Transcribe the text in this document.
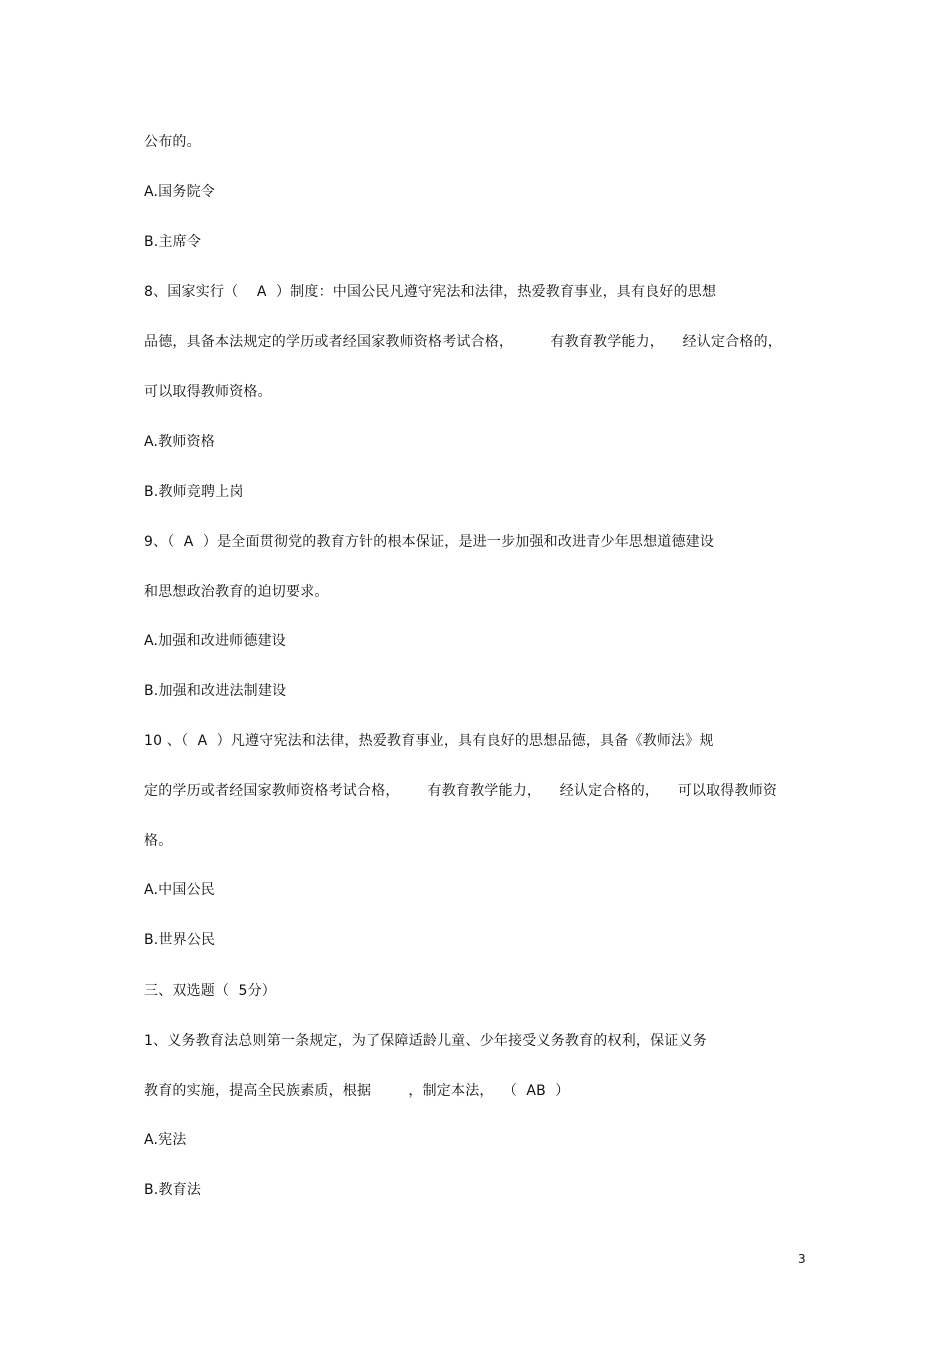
公布的。
A.国务院令
B.主席令
8、国家实行（    A  ）制度：中国公民凡遵守宪法和法律，热爱教育事业，具有良好的思想
品德，具备本法规定的学历或者经国家教师资格考试合格，        有教育教学能力，    经认定合格的，
可以取得教师资格。
A.教师资格
B.教师竞聘上岗
9、（  A  ）是全面贯彻党的教育方针的根本保证，是进一步加强和改进青少年思想道德建设
和思想政治教育的迫切要求。
A.加强和改进师德建设
B.加强和改进法制建设
10 、（  A  ）凡遵守宪法和法律，热爱教育事业，具有良好的思想品德，具备《教师法》规
定的学历或者经国家教师资格考试合格，      有教育教学能力，    经认定合格的，    可以取得教师资
格。
A.中国公民
B.世界公民
三、双选题（  5分）
1、义务教育法总则第一条规定，为了保障适龄儿童、少年接受义务教育的权利，保证义务
教育的实施，提高全民族素质，根据        ，制定本法，  （  AB  ）
A.宪法
B.教育法
3
